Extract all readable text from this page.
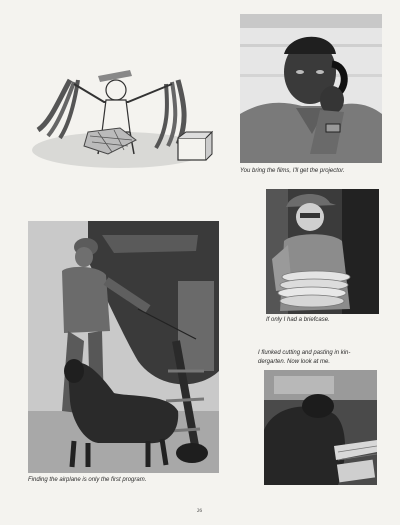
You bring the films, I'll get the projector.
Finding the airplane is only the first program.
If only I had a briefcase.
I flunked cutting and pasting in kin-
dergarten. Now look at me.
26
